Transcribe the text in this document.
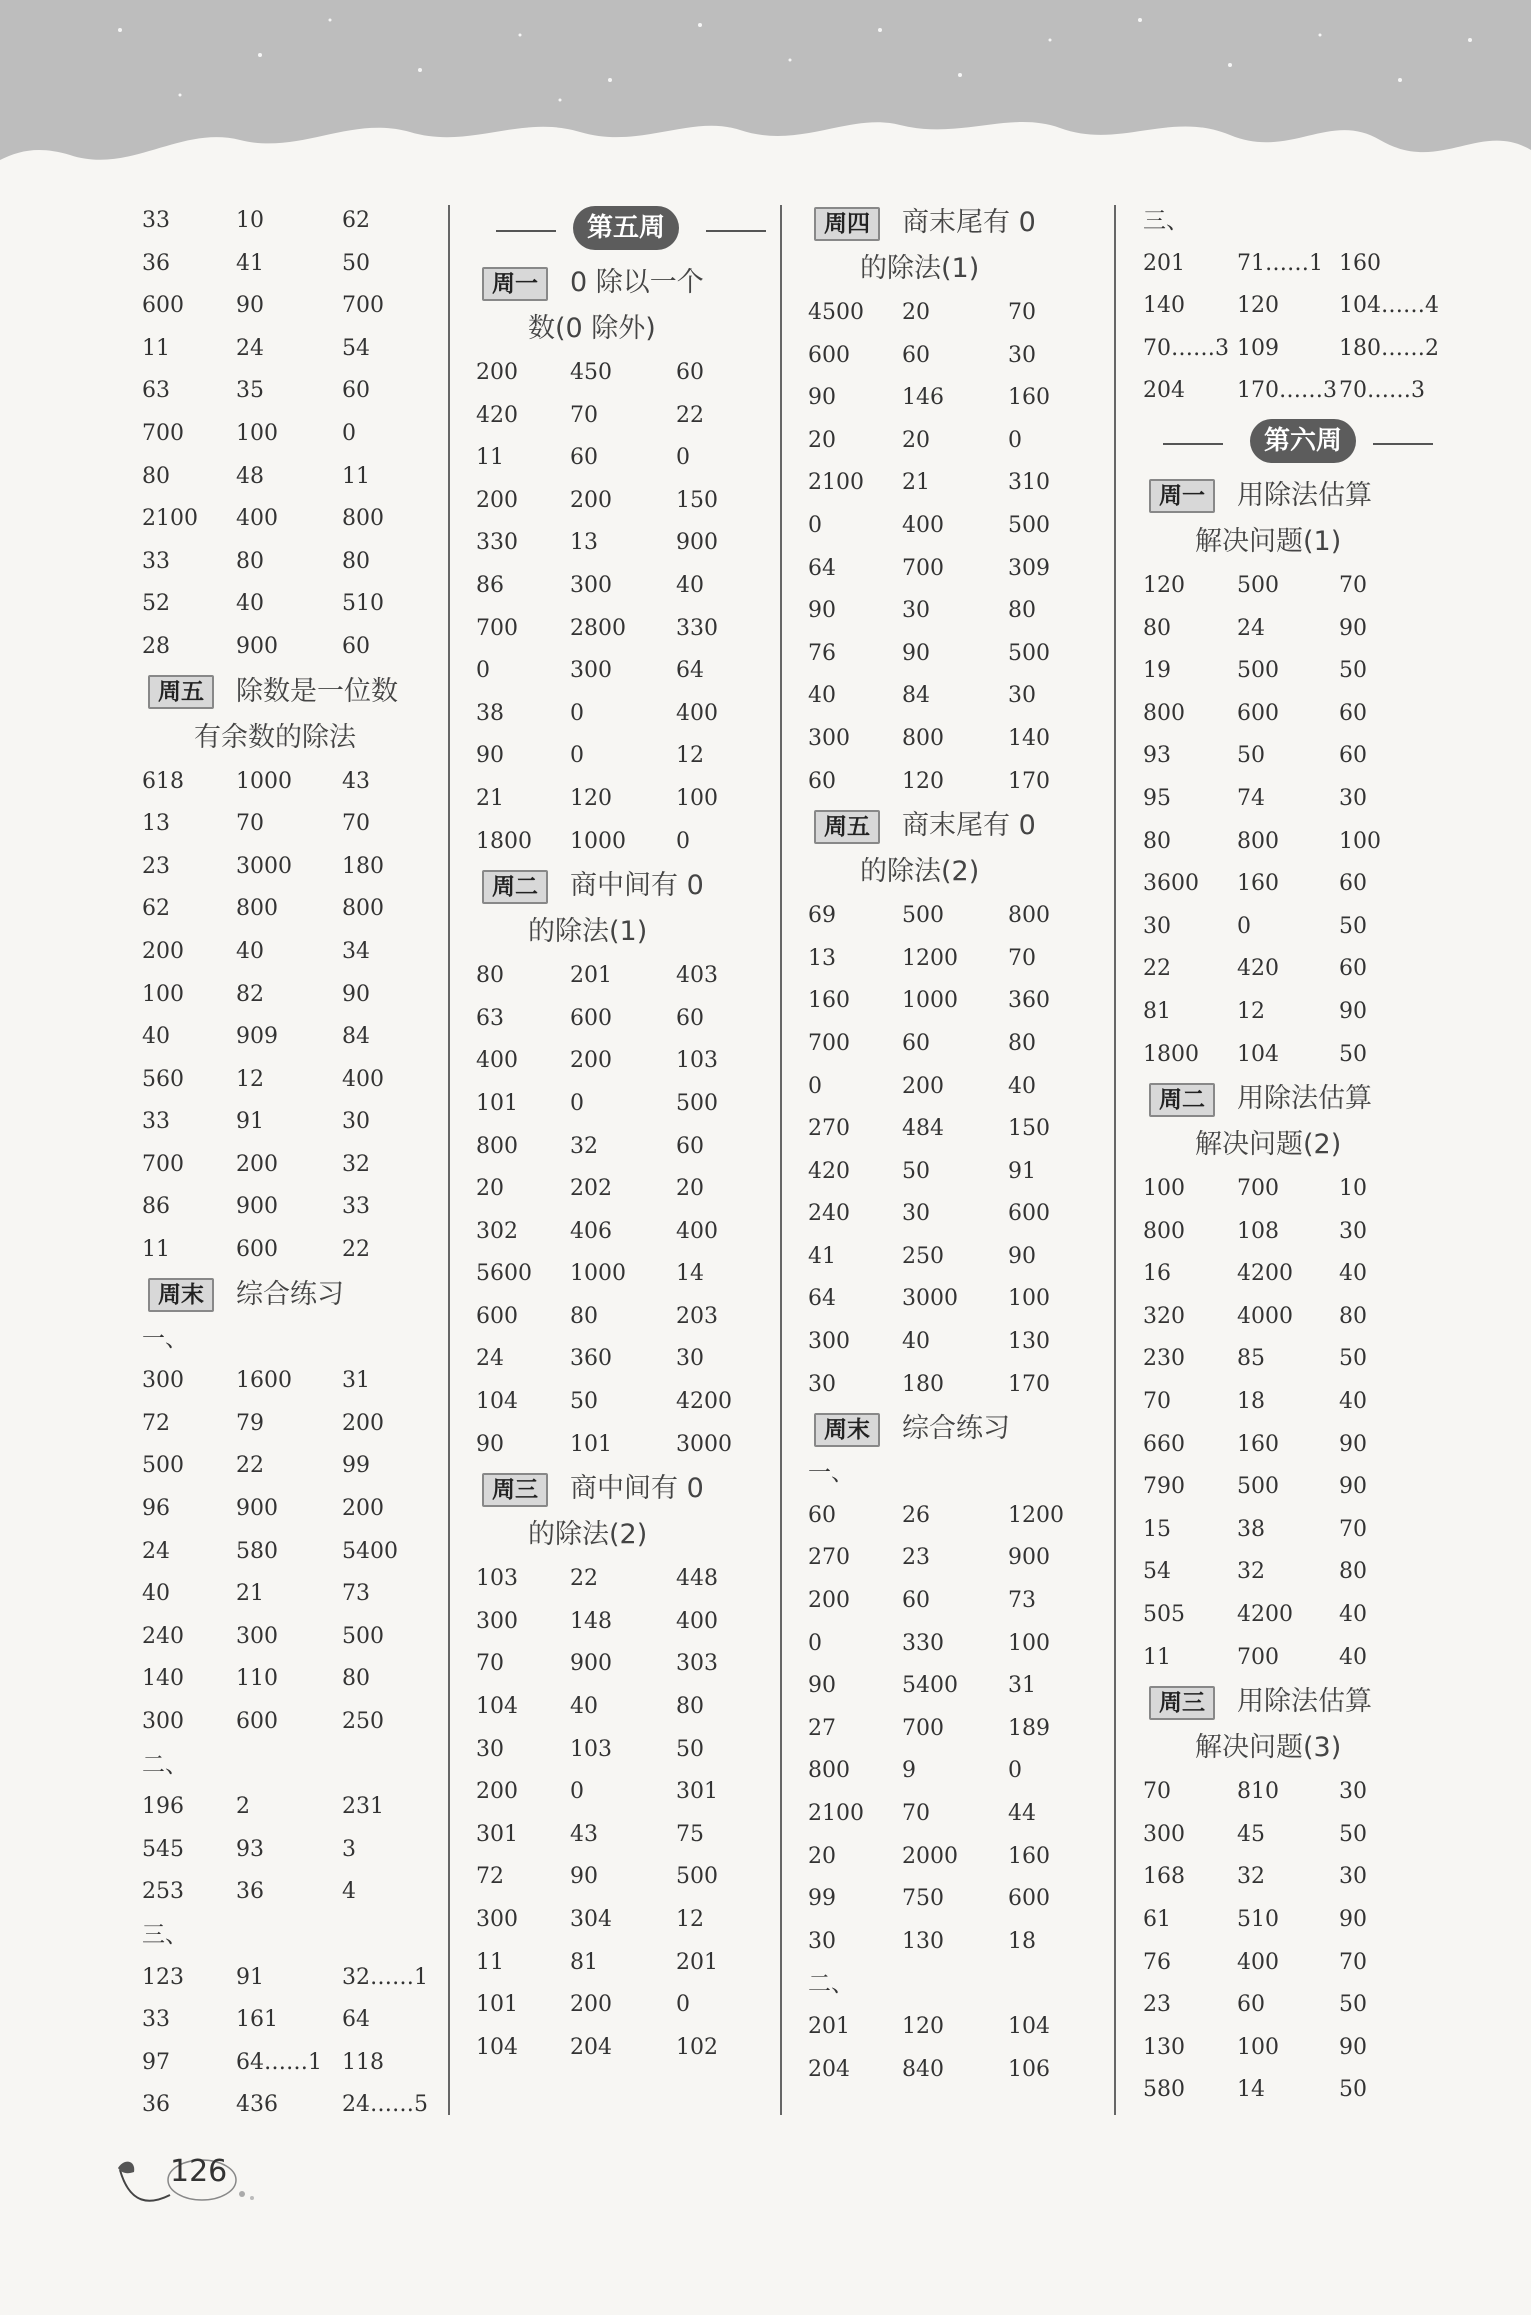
33	10	62
36	41	50
600 90	700
11	24	54
63	35	60
700 100	0
80	48	11
2100 400	800
33	80	80
52	40	510
28	900	60
周五 除数是一位数
有余数的除法
618 1000 43
13	70	70
23	3000 180
62	800	800
200 40	34
100 82	90
40	909	84
560 12	400
33	91	30
700 200	32
86	900	33
11	600	22
周末 综合练习
一、
300 1600 31
72	79	200
500 22	99
96	900	200
24	580	5400
40	21	73
240 300	500
140 110	80
300 600	250
二、
196 2	231
545 93	3
253 36	4
三、
123 91	32……1
33	161	64
97	64……1 118
36	436	24……5
第五周
周一 0 除以一个
数(0 除外)
200 450	60
420 70	22
11	60	0
200 200	150
330 13	900
86	300	40
700 2800 330
0	300	64
38	0	400
90	0	12
21	120	100
1800 1000 0
周二 商中间有 0
的除法(1)
80	201	403
63	600	60
400 200	103
101 0	500
800 32	60
20	202	20
302 406	400
5600 1000 14
600 80	203
24	360	30
104 50	4200
90	101	3000
周三 商中间有 0
的除法(2)
103 22	448
300 148	400
70	900	303
104 40	80
30	103	50
200 0	301
301 43	75
72	90	500
300 304	12
11	81	201
101 200	0
104 204	102
周四 商末尾有 0
的除法(1)
4500 20	70
600 60	30
90	146	160
20	20	0
2100 21	310
0	400	500
64	700	309
90	30	80
76	90	500
40	84	30
300 800	140
60	120	170
周五 商末尾有 0
的除法(2)
69	500	800
13	1200 70
160 1000 360
700 60	80
0	200	40
270 484	150
420 50	91
240 30	600
41	250	90
64	3000 100
300 40	130
30	180	170
周末 综合练习
一、
60	26	1200
270 23	900
200 60	73
0	330	100
90	5400 31
27	700	189
800 9	0
2100 70	44
20	2000 160
99	750	600
30	130	18
二、
201 120	104
204 840	106
三、
201 71……1 160
140 120	104……4
70……3 109	180……2
204 170……3 70……3
第六周
周一 用除法估算
解决问题(1)
120 500	70
80	24	90
19	500	50
800 600	60
93	50	60
95	74	30
80	800	100
3600 160	60
30	0	50
22	420	60
81	12	90
1800 104	50
周二 用除法估算
解决问题(2)
100 700	10
800 108	30
16	4200 40
320 4000 80
230 85	50
70	18	40
660 160	90
790 500	90
15	38	70
54	32	80
505 4200 40
11	700	40
周三 用除法估算
解决问题(3)
70	810	30
300 45	50
168 32	30
61	510	90
76	400	70
23	60	50
130 100	90
580 14	50
126
